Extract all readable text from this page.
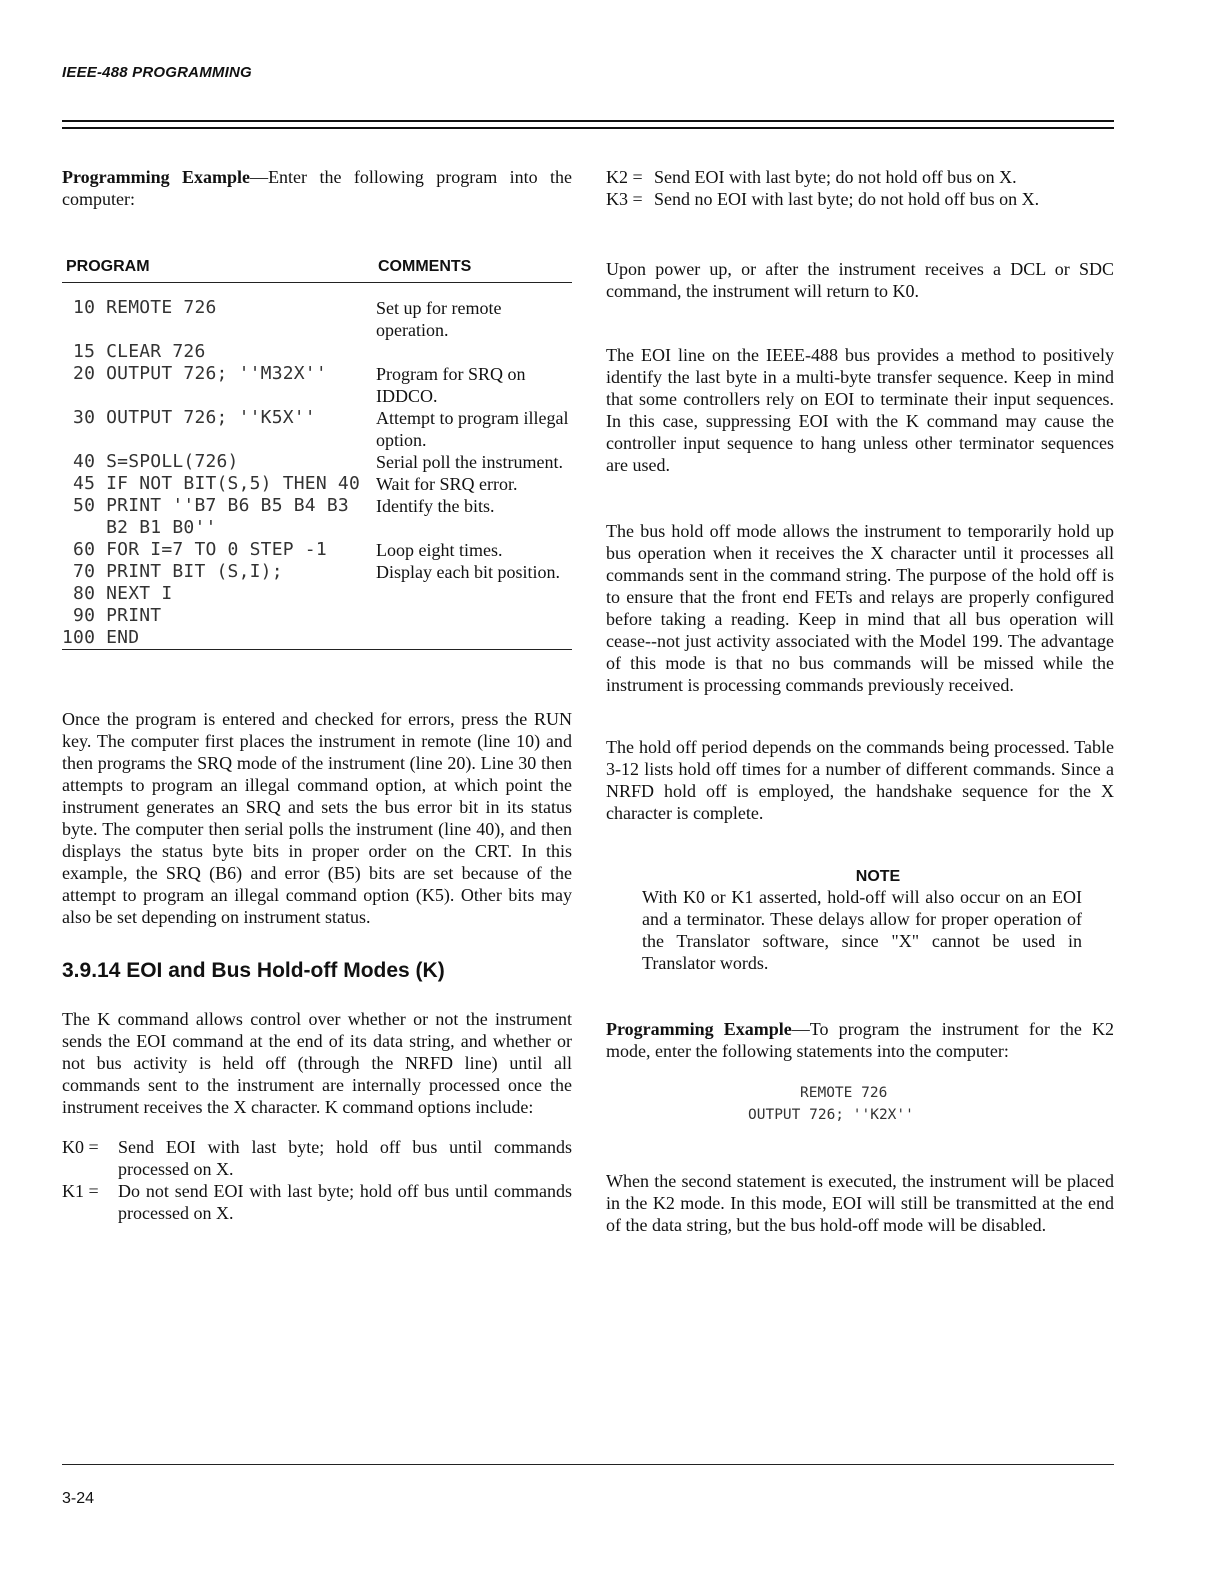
IEEE-488 PROGRAMMING

Programming Example—Enter the following program into the computer:

PROGRAM	COMMENTS
10 REMOTE 726	Set up for remote operation.
15 CLEAR 726	
20 OUTPUT 726; ''M32X''	Program for SRQ on IDDCO.
30 OUTPUT 726; ''K5X''	Attempt to program illegal option.
40 S=SPOLL(726)	Serial poll the instrument.
45 IF NOT BIT(S,5) THEN 40	Wait for SRQ error.
50 PRINT ''B7 B6 B5 B4 B3
B2 B1 B0''	Identify the bits.
60 FOR I=7 TO 0 STEP -1	Loop eight times.
70 PRINT BIT (S,I);	Display each bit position.
80 NEXT I	
90 PRINT	
100 END	

Once the program is entered and checked for errors, press the RUN key. The computer first places the instrument in remote (line 10) and then programs the SRQ mode of the instrument (line 20). Line 30 then attempts to program an illegal command option, at which point the instrument generates an SRQ and sets the bus error bit in its status byte. The computer then serial polls the instrument (line 40), and then displays the status byte bits in proper order on the CRT. In this example, the SRQ (B6) and error (B5) bits are set because of the attempt to program an illegal command option (K5). Other bits may also be set depending on instrument status.

3.9.14 EOI and Bus Hold-off Modes (K)

The K command allows control over whether or not the instrument sends the EOI command at the end of its data string, and whether or not bus activity is held off (through the NRFD line) until all commands sent to the instrument are internally processed once the instrument receives the X character. K command options include:

K0 =	Send EOI with last byte; hold off bus until commands processed on X.
K1 =	Do not send EOI with last byte; hold off bus until commands processed on X.
K2 = Send EOI with last byte; do not hold off bus on X.
K3 = Send no EOI with last byte; do not hold off bus on X.

Upon power up, or after the instrument receives a DCL or SDC command, the instrument will return to K0.

The EOI line on the IEEE-488 bus provides a method to positively identify the last byte in a multi-byte transfer sequence. Keep in mind that some controllers rely on EOI to terminate their input sequences. In this case, suppressing EOI with the K command may cause the controller input sequence to hang unless other terminator sequences are used.

The bus hold off mode allows the instrument to temporarily hold up bus operation when it receives the X character until it processes all commands sent in the command string. The purpose of the hold off is to ensure that the front end FETs and relays are properly configured before taking a reading. Keep in mind that all bus operation will cease--not just activity associated with the Model 199. The advantage of this mode is that no bus commands will be missed while the instrument is processing commands previously received.

The hold off period depends on the commands being processed. Table 3-12 lists hold off times for a number of different commands. Since a NRFD hold off is employed, the handshake sequence for the X character is complete.

NOTE

With K0 or K1 asserted, hold-off will also occur on an EOI and a terminator. These delays allow for proper operation of the Translator software, since "X" cannot be used in Translator words.

Programming Example—To program the instrument for the K2 mode, enter the following statements into the computer:

REMOTE 726
OUTPUT 726; ''K2X''

When the second statement is executed, the instrument will be placed in the K2 mode. In this mode, EOI will still be transmitted at the end of the data string, but the bus hold-off mode will be disabled.

3-24
